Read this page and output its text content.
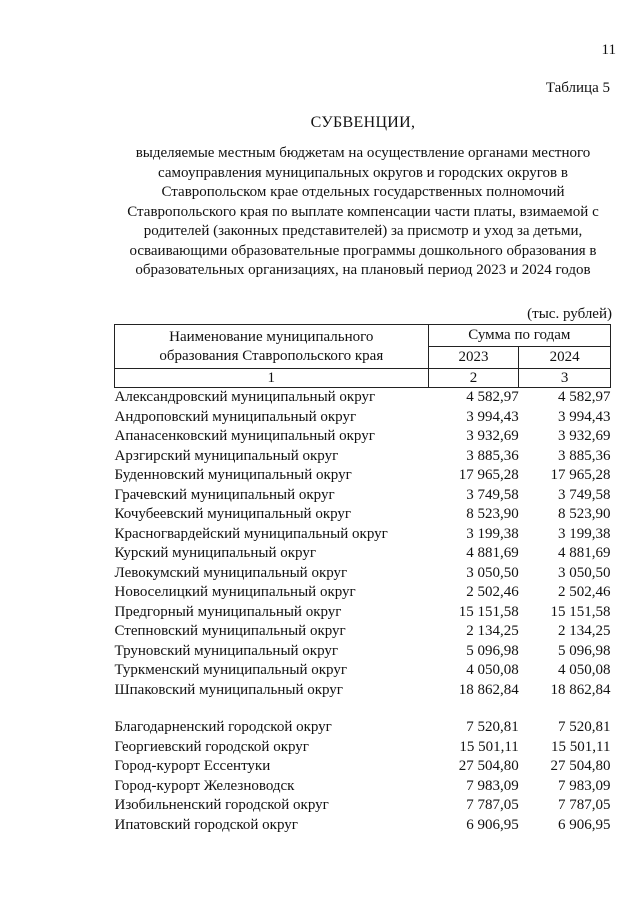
11
Таблица 5
СУБВЕНЦИИ,
выделяемые местным бюджетам на осуществление органами местного
самоуправления муниципальных округов и городских округов в
Ставропольском крае отдельных государственных полномочий
Ставропольского края по выплате компенсации части платы, взимаемой с
родителей (законных представителей) за присмотр и уход за детьми,
осваивающими образовательные программы дошкольного образования в
образовательных организациях, на плановый период 2023 и 2024 годов
(тыс. рублей)
Наименование муниципального
образования Ставропольского края	Сумма по годам	
	2023	2024
1	2	3
Александровский муниципальный округ	4 582,97	4 582,97
Андроповский муниципальный округ	3 994,43	3 994,43
Апанасенковский муниципальный округ	3 932,69	3 932,69
Арзгирский муниципальный округ	3 885,36	3 885,36
Буденновский муниципальный округ	17 965,28	17 965,28
Грачевский муниципальный округ	3 749,58	3 749,58
Кочубеевский муниципальный округ	8 523,90	8 523,90
Красногвардейский муниципальный округ	3 199,38	3 199,38
Курский муниципальный округ	4 881,69	4 881,69
Левокумский муниципальный округ	3 050,50	3 050,50
Новоселицкий муниципальный округ	2 502,46	2 502,46
Предгорный муниципальный округ	15 151,58	15 151,58
Степновский муниципальный округ	2 134,25	2 134,25
Труновский муниципальный округ	5 096,98	5 096,98
Туркменский муниципальный округ	4 050,08	4 050,08
Шпаковский муниципальный округ	18 862,84	18 862,84

Благодарненский городской округ	7 520,81	7 520,81
Георгиевский городской округ	15 501,11	15 501,11
Город-курорт Ессентуки	27 504,80	27 504,80
Город-курорт Железноводск	7 983,09	7 983,09
Изобильненский городской округ	7 787,05	7 787,05
Ипатовский городской округ	6 906,95	6 906,95
